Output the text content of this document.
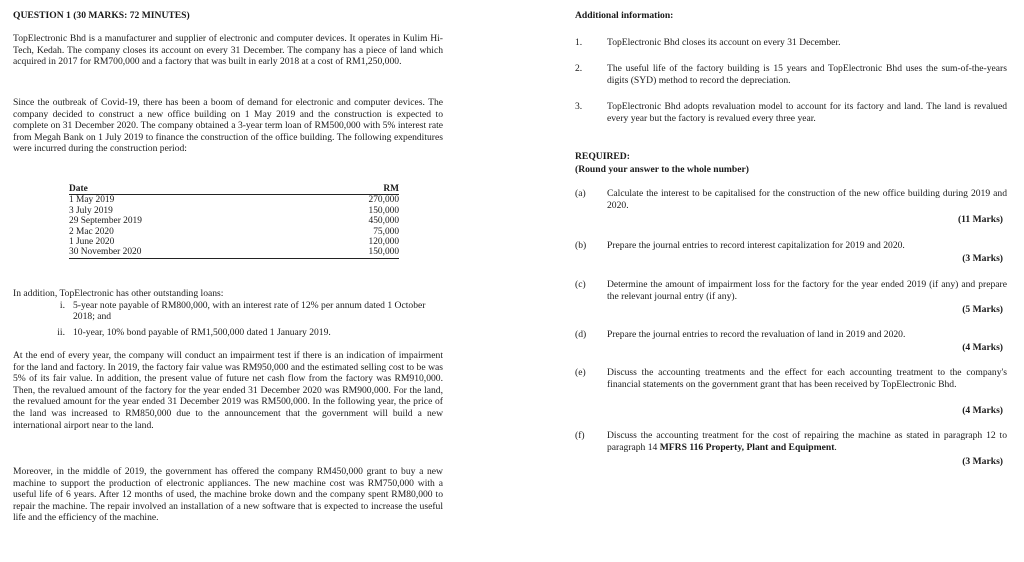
QUESTION 1 (30 MARKS: 72 MINUTES)
TopElectronic Bhd is a manufacturer and supplier of electronic and computer devices. It operates in Kulim Hi-Tech, Kedah. The company closes its account on every 31 December. The company has a piece of land which acquired in 2017 for RM700,000 and a factory that was built in early 2018 at a cost of RM1,250,000.
Since the outbreak of Covid-19, there has been a boom of demand for electronic and computer devices. The company decided to construct a new office building on 1 May 2019 and the construction is expected to complete on 31 December 2020. The company obtained a 3-year term loan of RM500,000 with 5% interest rate from Megah Bank on 1 July 2019 to finance the construction of the office building. The following expenditures were incurred during the construction period:
Date	RM
1 May 2019	270,000
3 July 2019	150,000
29 September 2019	450,000
2 Mac 2020	75,000
1 June 2020	120,000
30 November 2020	150,000
In addition, TopElectronic has other outstanding loans:
i. 5-year note payable of RM800,000, with an interest rate of 12% per annum dated 1 October 2018; and
ii. 10-year, 10% bond payable of RM1,500,000 dated 1 January 2019.
At the end of every year, the company will conduct an impairment test if there is an indication of impairment for the land and factory. In 2019, the factory fair value was RM950,000 and the estimated selling cost to be was 5% of its fair value. In addition, the present value of future net cash flow from the factory was RM910,000. Then, the revalued amount of the factory for the year ended 31 December 2020 was RM900,000. For the land, the revalued amount for the year ended 31 December 2019 was RM500,000. In the following year, the price of the land was increased to RM850,000 due to the announcement that the government will build a new international airport near to the land.
Moreover, in the middle of 2019, the government has offered the company RM450,000 grant to buy a new machine to support the production of electronic appliances. The new machine cost was RM750,000 with a useful life of 6 years. After 12 months of used, the machine broke down and the company spent RM80,000 to repair the machine. The repair involved an installation of a new software that is expected to increase the useful life and the efficiency of the machine.
Additional information:
1.	TopElectronic Bhd closes its account on every 31 December.
2.	The useful life of the factory building is 15 years and TopElectronic Bhd uses the sum-of-the-years digits (SYD) method to record the depreciation.
3.	TopElectronic Bhd adopts revaluation model to account for its factory and land. The land is revalued every year but the factory is revalued every three year.
REQUIRED:
(Round your answer to the whole number)
(a)	Calculate the interest to be capitalised for the construction of the new office building during 2019 and 2020.
(11 Marks)
(b)	Prepare the journal entries to record interest capitalization for 2019 and 2020.
(3 Marks)
(c)	Determine the amount of impairment loss for the factory for the year ended 2019 (if any) and prepare the relevant journal entry (if any).
(5 Marks)
(d)	Prepare the journal entries to record the revaluation of land in 2019 and 2020.
(4 Marks)
(e)	Discuss the accounting treatments and the effect for each accounting treatment to the company's financial statements on the government grant that has been received by TopElectronic Bhd.
(4 Marks)
(f)	Discuss the accounting treatment for the cost of repairing the machine as stated in paragraph 12 to paragraph 14 MFRS 116 Property, Plant and Equipment.
(3 Marks)
